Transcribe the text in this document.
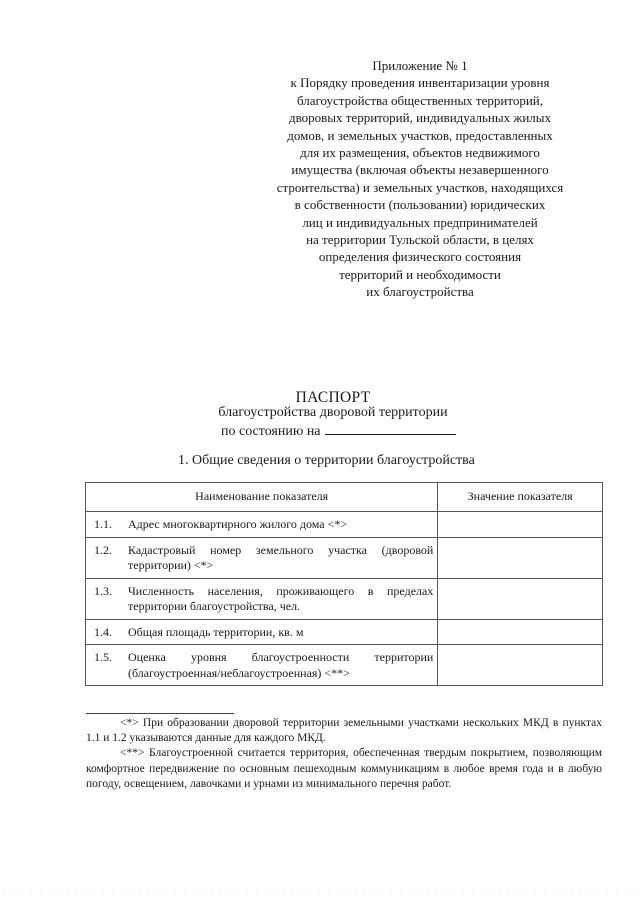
Приложение № 1
к Порядку проведения инвентаризации уровня
благоустройства общественных территорий,
дворовых территорий, индивидуальных жилых
домов, и земельных участков, предоставленных
для их размещения, объектов недвижимого
имущества (включая объекты незавершенного
строительства) и земельных участков, находящихся
в собственности (пользовании) юридических
лиц и индивидуальных предпринимателей
на территории Тульской области, в целях
определения физического состояния
территорий и необходимости
их благоустройства
ПАСПОРТ
благоустройства дворовой территории
по состоянию на
1. Общие сведения о территории благоустройства
Наименование показателя	Значение показателя

1.1. Адрес многоквартирного жилого дома <*>	

1.2. Кадастровый номер земельного участка (дворовой территории) <*>	

1.3. Численность населения, проживающего в пределах территории благоустройства, чел.	

1.4. Общая площадь территории, кв. м	

1.5. Оценка уровня благоустроенности территории (благоустроенная/неблагоустроенная) <**>	

<*> При образовании дворовой территории земельными участками нескольких МКД в пунктах 1.1 и 1.2 указываются данные для каждого МКД.

<**> Благоустроенной считается территория, обеспеченная твердым покрытием, позволяющим комфортное передвижение по основным пешеходным коммуникациям в любое время года и в любую погоду, освещением, лавочками и урнами из минимального перечня работ.
